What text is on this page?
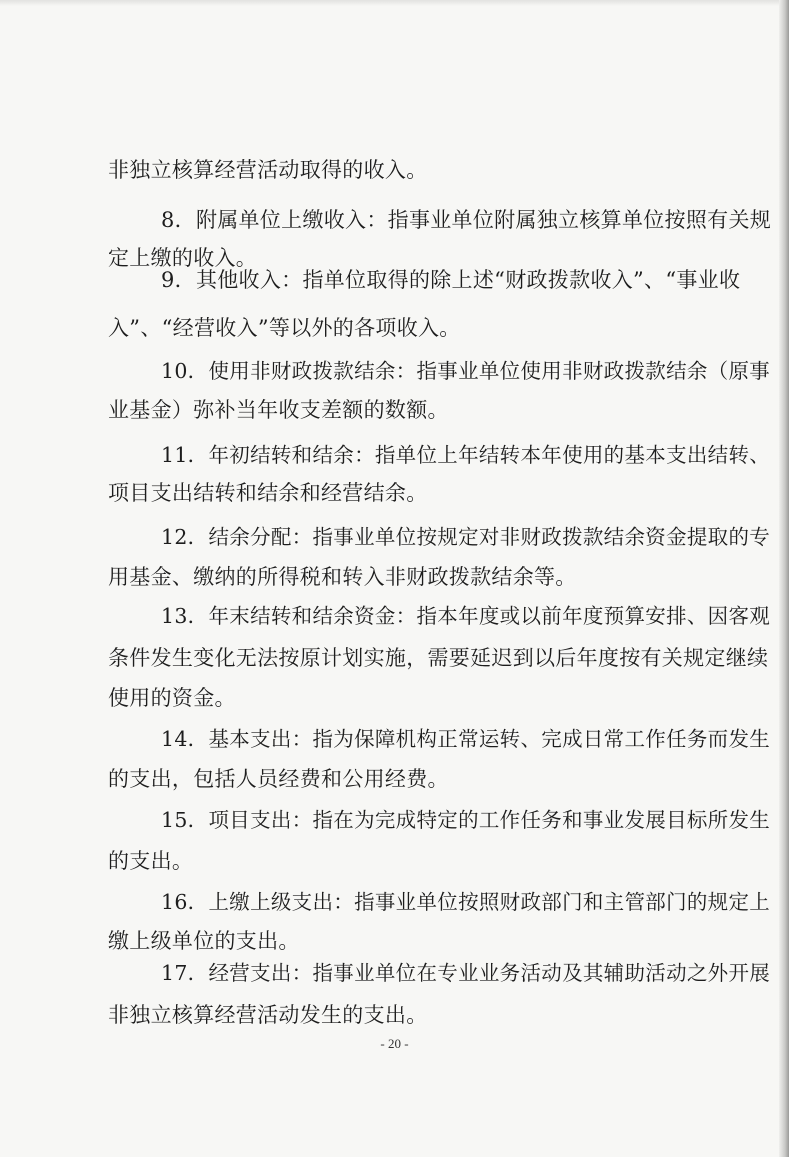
非独立核算经营活动取得的收入。

8．附属单位上缴收入：指事业单位附属独立核算单位按照有关规

定上缴的收入。

9．其他收入：指单位取得的除上述“财政拨款收入”、“事业收

入”、“经营收入”等以外的各项收入。

10．使用非财政拨款结余：指事业单位使用非财政拨款结余（原事

业基金）弥补当年收支差额的数额。

11．年初结转和结余：指单位上年结转本年使用的基本支出结转、

项目支出结转和结余和经营结余。

12．结余分配：指事业单位按规定对非财政拨款结余资金提取的专

用基金、缴纳的所得税和转入非财政拨款结余等。

13．年末结转和结余资金：指本年度或以前年度预算安排、因客观

条件发生变化无法按原计划实施，需要延迟到以后年度按有关规定继续

使用的资金。

14．基本支出：指为保障机构正常运转、完成日常工作任务而发生

的支出，包括人员经费和公用经费。

15．项目支出：指在为完成特定的工作任务和事业发展目标所发生

的支出。

16．上缴上级支出：指事业单位按照财政部门和主管部门的规定上

缴上级单位的支出。

17．经营支出：指事业单位在专业业务活动及其辅助活动之外开展

非独立核算经营活动发生的支出。

- 20 -
